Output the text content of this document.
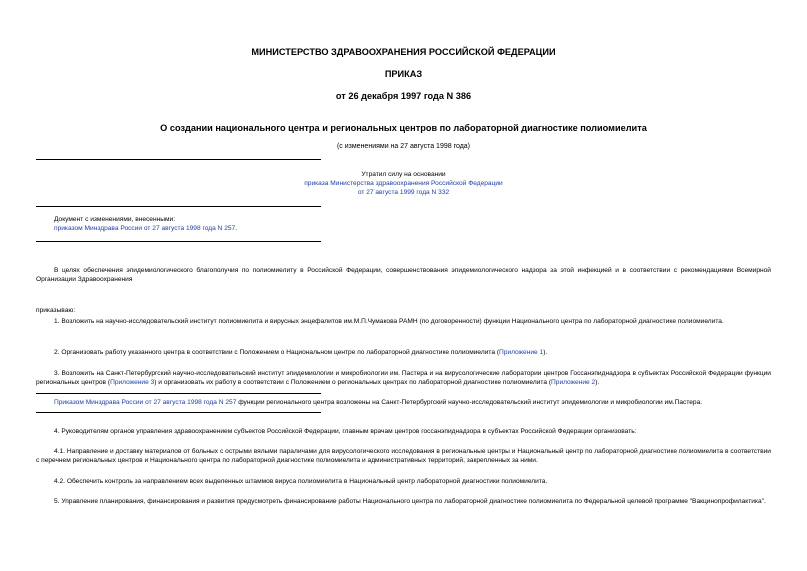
МИНИСТЕРСТВО ЗДРАВООХРАНЕНИЯ РОССИЙСКОЙ ФЕДЕРАЦИИ
ПРИКАЗ
от 26 декабря 1997 года N 386
О создании национального центра и региональных центров по лабораторной диагностике полиомиелита
(с изменениями на 27 августа 1998 года)
Утратил силу на основании
приказа Министерства здравоохранения Российской Федерации
от 27 августа 1999 года N 332
Документ с изменениями, внесенными:
приказом Минздрава России от 27 августа 1998 года N 257.
В целях обеспечения эпидемиологического благополучия по полиомиелиту в Российской Федерации, совершенствования эпидемиологического надзора за этой инфекцией и в соответствии с рекомендациями Всемирной Организации Здравоохранения
приказываю:
1. Возложить на научно-исследовательский институт полиомиелита и вирусных энцефалитов им.М.П.Чумакова РАМН (по договоренности) функции Национального центра по лабораторной диагностике полиомиелита.
2. Организовать работу указанного центра в соответствии с Положением о Национальном центре по лабораторной диагностике полиомиелита (Приложение 1).
3. Возложить на Санкт-Петербургский научно-исследовательский институт эпидемиологии и микробиологии им. Пастера и на вирусологические лаборатории центров Госсанэпиднадзора в субъектах Российской Федерации функции региональных центров (Приложение 3) и организовать их работу в соответствии с Положением о региональных центрах по лабораторной диагностике полиомиелита (Приложение 2).
Приказом Минздрава России от 27 августа 1998 года N 257 функции регионального центра возложены на Санкт-Петербургский научно-исследовательский институт эпидемиологии и микробиологии им.Пастера.
4. Руководителям органов управления здравоохранением субъектов Российской Федерации, главным врачам центров госсанэпиднадзора в субъектах Российской Федерации организовать:
4.1. Направление и доставку материалов от больных с острыми вялыми параличами для вирусологического исследования в региональные центры и Национальный центр по лабораторной диагностике полиомиелита в соответствии с перечнем региональных центров и Национального центра по лабораторной диагностике полиомиелита и административных территорий, закрепленных за ними.
4.2. Обеспечить контроль за направлением всех выделенных штаммов вируса полиомиелита в Национальный центр лабораторной диагностики полиомиелита.
5. Управление планирования, финансирования и развития предусмотреть финансирование работы Национального центра по лабораторной диагностике полиомиелита по Федеральной целевой программе "Вакцинопрофилактика".
